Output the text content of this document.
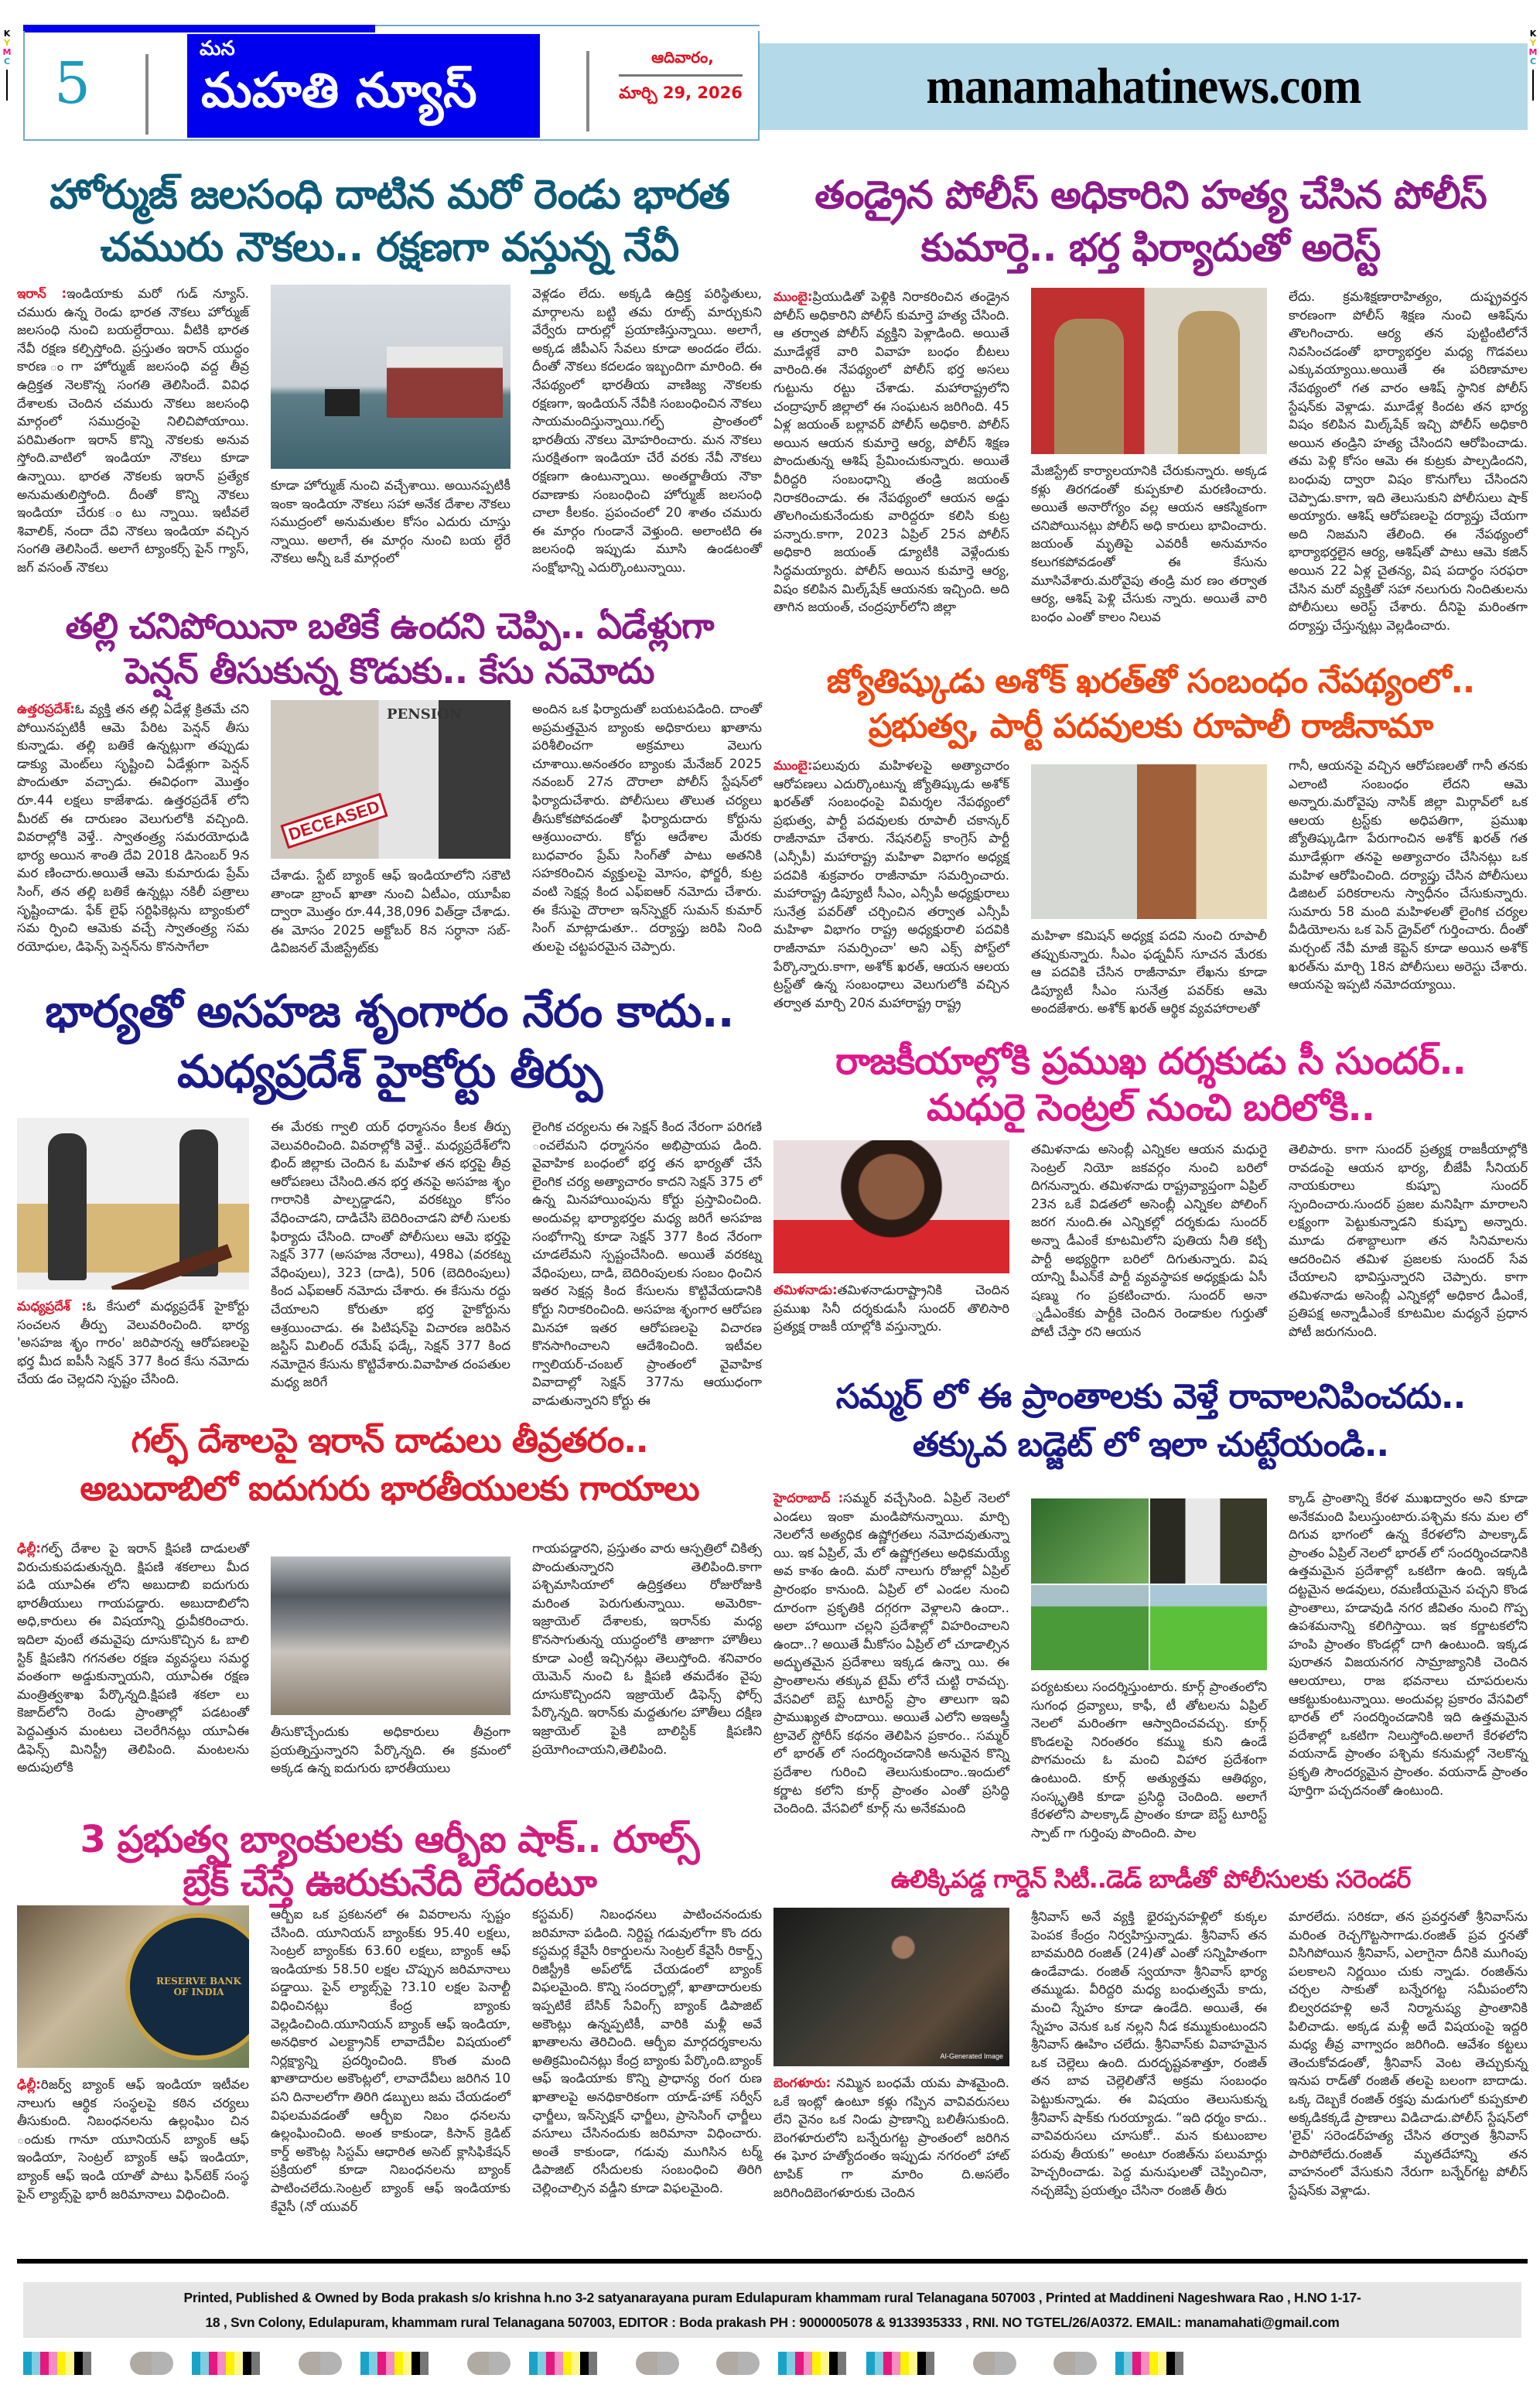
K
Y
M
C
K
Y
M
C
5
మన
మహతి న్యూస్
ఆదివారం,
మార్చి 29, 2026	manamahatinews.com
హోర్ముజ్ జలసంధి దాటిన మరో రెండు భారత
చమురు నౌకలు.. రక్షణగా వస్తున్న నేవీ
ఇరాన్ :ఇండియాకు మరో గుడ్ న్యూస్. చమురు ఉన్న రెండు భారత నౌకలు హోర్ముజ్ జలసంధి నుంచి బయల్దేరాయి. వీటికి భారత నేవీ రక్షణ కల్పిస్తోంది. ప్రస్తుతం ఇరాన్ యుద్ధం కారణ ంగా హోర్ముజ్ జలసంధి వద్ద తీవ్ర ఉద్రిక్తత నెలకొన్న సంగతి తెలిసిందే. వివిధ దేశాలకు చెందిన చమురు నౌకలు జలసంధి మార్గంలో సముద్రంపై నిలిచిపోయాయి. పరిమితంగా ఇరాన్ కొన్ని నౌకలకు అనువ స్తోంది.వాటిలో ఇండియా నౌకలు కూడా ఉన్నాయి. భారత నౌకలకు ఇరాన్ ప్రత్యేక అనుమతులిస్తోంది. దీంతో కొన్ని నౌకలు ఇండియా చేరుక ంటు న్నాయి. ఇటీవలే శివాలిక్, నందా దేవి నౌకలు ఇండియా వచ్చిన సంగతి తెలిసిందే. అలాగే ట్యాంకర్స్ పైన్ గ్యాస్, జగ్ వసంత్ నౌకలు
కూడా హోర్ముజ్ నుంచి వచ్చేశాయి. అయినప్పటికీ ఇంకా ఇండియా నౌకలు సహా అనేక దేశాల నౌకలు సముద్రంలో అనుమతుల కోసం ఎదురు చూస్తు న్నాయి. అలాగే, ఈ మార్గం నుంచి బయ ల్దేరే నౌకలు అన్నీ ఒకే మార్గంలో
వెళ్లడం లేదు. అక్కడి ఉద్రిక్త పరిస్థితులు, మార్గాలను బట్టి తమ రూట్స్ మార్చుకుని వేర్వేరు దారుల్లో ప్రయాణిస్తున్నాయి. అలాగే, అక్కడ జీపీఎస్ సేవలు కూడా అందడం లేదు. దీంతో నౌకలు కదలడం ఇబ్బందిగా మారింది. ఈ నేపథ్యంలో భారతీయ వాణిజ్య నౌకలకు రక్షణగా, ఇండియన్ నేవీకి సంబంధించిన నౌకలు సాయమందిస్తున్నాయి.గల్ఫ్ ప్రాంతంలో భారతీయ నౌకలు మోహరించారు. మన నౌకలు సురక్షితంగా ఇండియా చేరే వరకు నేవీ నౌకలు రక్షణగా ఉంటున్నాయి. అంతర్జాతీయ నౌకా రవాణాకు సంబంధించి హోర్ముజ్ జలసంధి చాలా కీలకం. ప్రపంచంలో 20 శాతం చమురు ఈ మార్గం గుండానే వెళ్తుంది. అలాంటిది ఈ జలసంధి ఇప్పుడు మూసి ఉండటంతో సంక్షోభాన్ని ఎదుర్కొంటున్నాయి.
తల్లి చనిపోయినా బతికే ఉందని చెప్పి.. ఏడేళ్లుగా
పెన్షన్ తీసుకున్న కొడుకు.. కేసు నమోదు
ఉత్తరప్రదేశ్:ఓ వ్యక్తి తన తల్లి ఏడేళ్ల క్రితమే చని పోయినప్పటికీ ఆమె పేరిట పెన్షన్ తీసు కున్నాడు. తల్లి బతికే ఉన్నట్లుగా తప్పుడు డాక్యు మెంట్‌లు సృష్టించి ఏడేళ్లుగా పెన్షన్ పొందుతూ వచ్చాడు. ఈవిధంగా మొత్తం రూ.44 లక్షలు కాజేశాడు. ఉత్తరప్రదేశ్ లోని మీరట్ ఈ దారుణం వెలుగులోకి వచ్చింది. వివరాల్లోకి వెళ్తే.. స్వాతంత్ర్య సమరయోధుడి భార్య అయిన శాంతి దేవి 2018 డిసెంబర్ 9న మర ణించారు.అయితే ఆమె కుమారుడు ప్రేమ్ సింగ్, తన తల్లి బతికే ఉన్నట్లు నకిలీ పత్రాలు సృష్టించాడు. ఫేక్ లైఫ్ సర్టిఫికెట్లను బ్యాంకులో సమ ర్పించి ఆమెకు వచ్చే స్వాతంత్ర్య సమ రయోధుల, డిఫెన్స్ పెన్షన్‌ను కొనసాగేలా
PENSION
DECEASED
చేశాడు. స్టేట్ బ్యాంక్ ఆఫ్ ఇండియాలోని సకౌటి తాండా బ్రాంచ్ ఖాతా నుంచి ఏటీఎం, యూపీఐ ద్వారా మొత్తం రూ.44,38,096 విత్‌డ్రా చేశాడు. ఈ మోసం 2025 అక్టోబర్ 8న సర్ధానా సబ్-డివిజనల్ మేజిస్ట్రేట్‌కు
అందిన ఒక ఫిర్యాదుతో బయటపడింది. దాంతో అప్రమత్తమైన బ్యాంకు అధికారులు ఖాతాను పరిశీలించగా అక్రమాలు వెలుగు చూశాయి.అనంతరం బ్యాంకు మేనేజర్ 2025 నవంబర్ 27న దౌరాలా పోలీస్ స్టేషన్‌లో ఫిర్యాదుచేశారు. పోలీసులు తొలుత చర్యలు తీసుకోకపోవడంతో ఫిర్యాదుదారు కోర్టును ఆశ్రయించారు. కోర్టు ఆదేశాల మేరకు బుధవారం ప్రేమ్ సింగ్‌తో పాటు అతనికి సహకరించిన వ్యక్తులపై మోసం, ఫోర్జరీ, కుట్ర వంటి సెక్షన్ల కింద ఎఫ్ఐఆర్ నమోదు చేశారు. ఈ కేసుపై దౌరాలా ఇన్‌స్పెక్టర్ సుమన్ కుమార్ సింగ్ మాట్లాడుతూ.. దర్యాప్తు జరిపి నింది తులపై చట్టపరమైన చెప్పారు.
భార్యతో అసహజ శృంగారం నేరం కాదు..
మధ్యప్రదేశ్ హైకోర్టు తీర్పు
మధ్యప్రదేశ్ :ఓ కేసులో మధ్యప్రదేశ్ హైకోర్టు సంచలన తీర్పు వెలువరించింది. భార్య 'అసహజ శృం గారం' జరిపారన్న ఆరోపణలపై భర్త మీద ఐపీసీ సెక్షన్ 377 కింద కేసు నమోదు చేయ డం చెల్లదని స్పష్టం చేసింది.
ఈ మేరకు గ్వాలి యర్ ధర్మాసనం కీలక తీర్పు వెలువరించింది. వివరాల్లోకి వెళ్తే.. మధ్యప్రదేశ్‌లోని భింద్ జిల్లాకు చెందిన ఓ మహిళ తన భర్తపై తీవ్ర ఆరోపణలు చేసింది.తన భర్త తనపై అసహజ శృం గారానికి పాల్పడ్డాడని, వరకట్నం కోసం వేధించాడని, దాడిచేసి బెదిరించాడని పోలీ సులకు ఫిర్యాదు చేసింది. దాంతో పోలీసులు ఆమె భర్తపై సెక్షన్ 377 (అసహజ నేరాలు), 498ఎ (వరకట్న వేధింపులు), 323 (దాడి), 506 (బెదిరింపులు) కింద ఎఫ్ఐఆర్ నమోదు చేశారు. ఈ కేసును రద్దు చేయాలని కోరుతూ భర్త హైకోర్టును ఆశ్రయించాడు. ఈ పిటిషన్‌పై విచారణ జరిపిన జస్టిస్ మిలింద్ రమేష్ ఫడ్కే, సెక్షన్ 377 కింద నమోదైన కేసును కొట్టివేశారు.వివాహిత దంపతుల మధ్య జరిగే
లైంగిక చర్యలను ఈ సెక్షన్ కింద నేరంగా పరిగణి ంచలేమని ధర్మాసనం అభిప్రాయప డింది. వైవాహిక బంధంలో భర్త తన భార్యతో చేసే లైంగిక చర్య అత్యాచారం కాదని సెక్షన్ 375 లో ఉన్న మినహాయింపును కోర్టు ప్రస్తావించింది. అందువల్ల భార్యాభర్తల మధ్య జరిగే అసహజ సంభోగాన్ని కూడా సెక్షన్ 377 కింద నేరంగా చూడలేమని స్పష్టంచేసింది. అయితే వరకట్న వేధింపులు, దాడి, బెదిరింపులకు సంబం ధించిన ఇతర సెక్షన్ల కింద కేసులను కొట్టివేయడానికి కోర్టు నిరాకరించింది. అసహజ శృంగార ఆరోపణ మినహా ఇతర ఆరోపణలపై విచారణ కొనసాగించాలని ఆదేశించింది. ఇటీవల గ్వాలియర్-చంబల్ ప్రాంతంలో వైవాహిక వివాదాల్లో సెక్షన్ 377ను ఆయుధంగా వాడుతున్నారని కోర్టు ఈ
గల్ఫ్ దేశాలపై ఇరాన్ దాడులు తీవ్రతరం..
అబుదాబిలో ఐదుగురు భారతీయులకు గాయాలు
ఢిల్లీ:గల్ఫ్ దేశాల పై ఇరాన్ క్షిపణి దాడులతో విరుచుకుపడుతున్నది. క్షిపణి శకలాలు మీద పడి యూఏఈ లోని అబుదాబి ఐదుగురు భారతీయులు గాయపడ్డారు. అబుదాబిలోని అధి,కారులు ఈ విషయాన్ని ధ్రువీకరించారు. ఇదిలా వుంటే తమవైపు దూసుకొచ్చిన ఓ బాలి స్టిక్ క్షిపణిని గగనతల రక్షణ వ్యవస్థలు సమర్థ వంతంగా అడ్డుకున్నాయని, యూఏఈ రక్షణ మంత్రిత్వశాఖ పేర్కొన్నది.క్షిపణి శకలా లు కెజాద్‌లోని రెండు ప్రాంతాల్లో పడటంతో పెద్దఎత్తున మంటలు చెలరేగినట్లు యూఏఈ డిఫెన్స్ మినిస్ట్రీ తెలిపింది. మంటలను అదుపులోకి
తీసుకొచ్చేందుకు అధికారులు తీవ్రంగా ప్రయత్నిస్తున్నారని పేర్కొన్నది. ఈ క్రమంలో అక్కడ ఉన్న ఐదుగురు భారతీయులు
గాయపడ్డారని, ప్రస్తుతం వారు ఆస్పత్రిలో చికిత్స పొందుతున్నారని తెలిపింది.కాగా పశ్చిమాసియాలో ఉద్రిక్తతలు రోజురోజుకి మరింత పెరుగుతున్నాయి. అమెరికా- ఇజ్రాయెల్ దేశాలకు, ఇరాన్‌కు మధ్య కొనసాగుతున్న యుద్ధంలోకి తాజాగా హౌతీలు కూడా ఎంట్రీ ఇచ్చినట్లు తెలుస్తోంది. శనివారం యెమెన్ నుంచి ఓ క్షిపణి తమదేశం వైపు దూసుకొచ్చిందని ఇజ్రాయెల్ డిఫెన్స్ ఫోర్స్ పేర్కొన్నది. ఇరాన్‌కు మద్దతుగల హౌతీలు దక్షిణ ఇజ్రాయెల్ పైకి బాలిస్టిక్ క్షిపణిని ప్రయోగించాయని,తెలిపింది.
3 ప్రభుత్వ బ్యాంకులకు ఆర్బీఐ షాక్.. రూల్స్
బ్రేక్ చేస్తే ఊరుకునేది లేదంటూ
RESERVE BANK OF INDIA
ఢిల్లీ:రిజర్వ్ బ్యాంక్ ఆఫ్ ఇండియా ఇటీవల నాలుగు ఆర్థిక సంస్థలపై కఠిన చర్యలు తీసుకుంది. నిబంధనలను ఉల్లంఘిం చిన ందుకు గానూ యూనియన్ బ్యాంక్ ఆఫ్ ఇండియా, సెంట్రల్ బ్యాంక్ ఆఫ్ ఇండియా, బ్యాంక్ ఆఫ్ ఇండి యాతో పాటు ఫిన్‌టెక్ సంస్థ పైన్ ల్యాబ్స్‌పై భారీ జరిమానాలు విధించింది.
ఆర్బీఐ ఒక ప్రకటనలో ఈ వివరాలను స్పష్టం చేసింది. యూనియన్ బ్యాంక్‌కు 95.40 లక్షలు, సెంట్రల్ బ్యాంక్‌కు 63.60 లక్షలు, బ్యాంక్ ఆఫ్ ఇండియాకు 58.50 లక్షల చొప్పున జరిమానాలు పడ్డాయి. పైన్ ల్యాబ్స్‌పై ?3.10 లక్షల పెనాల్టీ విధించినట్లు కేంద్ర బ్యాంకు వెల్లడించింది.యూనియన్ బ్యాంక్ ఆఫ్ ఇండియా, అనధికార ఎలక్ట్రానిక్ లావాదేవీల విషయంలో నిర్లక్ష్యాన్ని ప్రదర్శించింది. కొంత మంది ఖాతాదారుల అకౌంట్లలో, లావాదేవీలు జరిగిన 10 పని దినాలలోగా తిరిగి డబ్బులు జమ చేయడంలో విఫలమవడంతో ఆర్బీఐ నిబం ధనలను ఉల్లంఘించింది. అంత కాకుండా, కిసాన్ క్రెడిట్ కార్డ్ అకౌంట్ల సిస్టమ్ ఆధారిత అసెట్ క్లాసిఫికేషన్ ప్రక్రియలో కూడా నిబంధనలను బ్యాంక్ పాటించలేదు.సెంట్రల్ బ్యాంక్ ఆఫ్ ఇండియాకు కేవైసీ (నో యువర్
కస్టమర్) నిబంధనలు పాటించనందుకు జరిమానా పడింది. నిర్దిష్ట గడువులోగా కొం దరు కస్టమర్ల కేవైసీ రికార్డులను సెంట్రల్ కేవైసీ రికార్డ్స్ రిజిస్ట్రీకి అప్‌లోడ్ చేయడంలో బ్యాంక్ విఫలమైంది. కొన్ని సందర్భాల్లో, ఖాతాదారులకు ఇప్పటికే బేసిక్ సేవింగ్స్ బ్యాంక్ డిపాజిట్ అకౌంట్లు ఉన్నప్పటికీ, వారికి మళ్లీ అవే ఖాతాలను తెరిచింది. ఆర్బీఐ మార్గదర్శకాలను అతిక్రమించినట్లు కేంద్ర బ్యాంకు పేర్కొంది.బ్యాంక్ ఆఫ్ ఇండియాకు కొన్ని ప్రాధాన్య రంగ రుణ ఖాతాలపై అనధికారికంగా యాడ్-హాక్ సర్వీస్ ఛార్జీలు, ఇన్‌స్పెక్షన్ ఛార్జీలు, ప్రాసెసింగ్ ఛార్జీలు వసూలు చేసినందుకు జరిమానా విధించారు. అంతే కాకుండా, గడువు ముగిసిన టర్మ్ డిపాజిట్ రసీదులకు సంబంధించి తిరిగి చెల్లించాల్సిన వడ్డీని కూడా విఫలమైంది.
తండ్రైన పోలీస్ అధికారిని హత్య చేసిన పోలీస్
కుమార్తె.. భర్త ఫిర్యాదుతో అరెస్ట్
ముంబై:ప్రియుడితో పెళ్లికి నిరాకరించిన తండ్రైన పోలీస్ అధికారిని పోలీస్ కుమార్తె హత్య చేసింది. ఆ తర్వాత పోలీస్ వ్యక్తిని పెళ్లాడింది. అయితే మూడేళ్లకే వారి వివాహ బంధం బీటలు వారింది.ఈ నేపథ్యంలో పోలీస్ భర్త అసలు గుట్టును రట్టు చేశాడు. మహారాష్ట్రలోని చంద్రాపూర్ జిల్లాలో ఈ సంఘటన జరిగింది. 45 ఏళ్ల జయంత్ బల్లావర్ పోలీస్ అధికారి. పోలీస్ అయిన ఆయన కుమార్తె ఆర్య, పోలీస్ శిక్షణ పొందుతున్న ఆశిష్ ప్రేమించుకున్నారు. అయితే వీరిద్దరి సంబంధాన్ని తండ్రి జయంత్ నిరాకరించాడు. ఈ నేపథ్యంలో ఆయన అడ్డు తొలగించుకునేందుకు వారిద్దరూ కలిసి కుట్ర పన్నారు.కాగా, 2023 ఏప్రిల్ 25న పోలీస్ అధికారి జయంత్ డ్యూటీకి వెళ్లేందుకు సిద్ధమయ్యారు. పోలీస్ అయిన కుమార్తె ఆర్య, విషం కలిపిన మిల్క్‌షేక్ ఆయనకు ఇచ్చింది. అది తాగిన జయంత్, చంద్రపూర్‌లోని జిల్లా
మేజిస్ట్రేట్ కార్యాలయానికి చేరుకున్నారు. అక్కడ కళ్లు తిరగడంతో కుప్పకూలి మరణించారు. అయితే అనారోగ్యం వల్ల ఆయన ఆకస్మికంగా చనిపోయినట్లు పోలీస్ అధి కారులు భావించారు. జయంత్ మృతిపై ఎవరికీ అనుమానం కలుగకపోవడంతో ఈ కేసును మూసివేశారు.మరోవైపు తండ్రి మర ణం తర్వాత ఆర్య, ఆశిష్ పెళ్లి చేసుకు న్నారు. అయితే వారి బంధం ఎంతో కాలం నిలువ
లేదు. క్రమశిక్షణారాహిత్యం, దుష్ప్రవర్తన కారణంగా పోలీస్ శిక్షణ నుంచి ఆశిష్‌ను తొలగించారు. ఆర్య తన పుట్టింటిలోనే నివసించడంతో భార్యాభర్తల మధ్య గొడవలు ఎక్కువయ్యాయి.అయితే ఈ పరిణామాల నేపథ్యంలో గత వారం ఆశిష్ స్థానిక పోలీస్ స్టేషన్‌కు వెళ్లాడు. మూడేళ్ల కిందట తన భార్య విషం కలిపిన మిల్క్‌షేక్ ఇచ్చి పోలీస్ అధికారి అయిన తండ్రిని హత్య చేసిందని ఆరోపించాడు. తమ పెళ్లి కోసం ఆమె ఈ కుట్రకు పాల్పడిందని, బంధువు ద్వారా విషం కొనుగోలు చేసిందని చెప్పాడు.కాగా, ఇది తెలుసుకుని పోలీసులు షాక్ అయ్యారు. ఆశిష్ ఆరోపణలపై దర్యాప్తు చేయగా అది నిజమని తేలింది. ఈ నేపథ్యంలో భార్యాభర్తలైన ఆర్య, ఆశిష్‌తో పాటు ఆమె కజిన్ అయిన 22 ఏళ్ల చైతన్య, విష పదార్థం సరఫరా చేసిన మరో వ్యక్తితో సహా నలుగురు నిందితులను పోలీసులు అరెస్ట్ చేశారు. దీనిపై మరింతగా దర్యాప్తు చేస్తున్నట్లు వెల్లడించారు.
జ్యోతిష్కుడు అశోక్ ఖరత్‌తో సంబంధం నేపథ్యంలో..
ప్రభుత్వ, పార్టీ పదవులకు రూపాలీ రాజీనామా
ముంబై:పలువురు మహిళలపై అత్యాచారం ఆరోపణలు ఎదుర్కొంటున్న జ్యోతిష్కుడు అశోక్ ఖరత్‌తో సంబంధంపై విమర్శల నేపథ్యంలో ప్రభుత్వ, పార్టీ పదవులకు రూపాలీ చకాన్కర్ రాజీనామా చేశారు. నేషనలిస్ట్ కాంగ్రెస్ పార్టీ (ఎన్సీపీ) మహారాష్ట్ర మహిళా విభాగం అధ్యక్ష పదవికి శుక్రవారం రాజీనామా సమర్పించారు. మహారాష్ట్ర డిప్యూటీ సీఎం, ఎన్సీపీ అధ్యక్షురాలు సునేత్ర పవర్‌తో చర్చించిన తర్వాత ఎన్సీపీ మహిళా విభాగం రాష్ట్ర అధ్యక్షురాలి పదవికి రాజీనామా సమర్పించా' అని ఎక్స్ పోస్ట్‌లో పేర్కొన్నారు.కాగా, అశోక్ ఖరత్, ఆయన ఆలయ ట్రస్ట్‌తో ఉన్న సంబంధాలు వెలుగులోకి వచ్చిన తర్వాత మార్చి 20న మహారాష్ట్ర రాష్ట్ర
మహిళా కమిషన్ అధ్యక్ష పదవి నుంచి రూపాలీ తప్పుకున్నారు. సీఎం ఫడ్నవీస్ సూచన మేరకు ఆ పదవికి చేసిన రాజీనామా లేఖను కూడా డిప్యూటీ సీఎం సునేత్ర పవర్‌కు ఆమె అందజేశారు. అశోక్ ఖరత్ ఆర్థిక వ్యవహారాలతో
గానీ, ఆయనపై వచ్చిన ఆరోపణలతో గానీ తనకు ఎలాంటి సంబంధం లేదని ఆమె అన్నారు.మరోవైపు నాసిక్ జిల్లా మిర్గావ్‌లో ఒక ఆలయ ట్రస్ట్‌కు అధిపతిగా, ప్రముఖ జ్యోతిష్కుడిగా పేరుగాంచిన అశోక్ ఖరత్ గత మూడేళ్లుగా తనపై అత్యాచారం చేసినట్లు ఒక మహిళ ఆరోపించింది. దర్యాప్తు చేసిన పోలీసులు డిజిటల్ పరికరాలను స్వాధీనం చేసుకున్నారు. సుమారు 58 మంది మహిళలతో లైంగిక చర్యల వీడియోలను ఒక పెన్ డ్రైవ్‌లో గుర్తించారు. దీంతో మర్చంట్ నేవీ మాజీ కెప్టెన్ కూడా అయిన అశోక్ ఖరత్‌ను మార్చి 18న పోలీసులు అరెస్టు చేశారు. ఆయనపై ఇప్పటి నమోదయ్యాయి.
రాజకీయాల్లోకి ప్రముఖ దర్శకుడు సీ సుందర్..
మధురై సెంట్రల్ నుంచి బరిలోకి..
తమిళనాడు:తమిళనాడురాష్ట్రానికి చెందిన ప్రముఖ సినీ దర్శకుడుసీ సుందర్ తొలిసారి ప్రత్యక్ష రాజకీ యాల్లోకి వస్తున్నారు.
తమిళనాడు అసెంబ్లీ ఎన్నికల ఆయన మధురై సెంట్రల్ నియో జకవర్గం నుంచి బరిలో దిగనున్నారు. తమిళనాడు రాష్ట్రవ్యాప్తంగా ఏప్రిల్ 23న ఒకే విడతలో అసెంబ్లీ ఎన్నికల పోలింగ్ జరగ నుంది.ఈ ఎన్నికల్లో దర్శకుడు సుందర్ అన్నా డీఎంకే కూటమిలోని పుతియ నీతి కట్చి పార్టీ అభ్యర్థిగా బరిలో దిగుతున్నారు. విష యాన్ని పీఎన్‌కే పార్టీ వ్యవస్థాపక అధ్యక్షుడు ఏసీ షణ్ము గం ప్రకటించారు. సుందర్ అనా ్నడీఎంకేకు పార్టీకి చెందిన రెండాకుల గుర్తుతో పోటీ చేస్తా రని ఆయన
తెలిపారు. కాగా సుందర్ ప్రత్యక్ష రాజకీయాల్లోకి రావడంపై ఆయన భార్య, బీజేపీ సీనియర్ నాయకురాలు కుష్బూ సుందర్ స్పందించారు.సుందర్ ప్రజల మనిషిగా మారాలని లక్ష్యంగా పెట్టుకున్నాడని కుష్బూ అన్నారు. మూడు దశాబ్దాలుగా తన సినిమాలను ఆదరించిన తమిళ ప్రజలకు సుందర్ సేవ చేయాలని భావిస్తున్నారని చెప్పారు. కాగా తమిళనాడు అసెంబ్లీ ఎన్నికల్లో అధికార డీఎంకే, ప్రతిపక్ష అన్నాడీఎంకే కూటమిల మధ్యనే ప్రధాన పోటీ జరుగనుంది.
సమ్మర్ లో ఈ ప్రాంతాలకు వెళ్తే రావాలనిపించదు..
తక్కువ బడ్జెట్ లో ఇలా చుట్టేయండి..
హైదరాబాద్ :సమ్మర్ వచ్చేసింది. ఏప్రిల్ నెలలో ఎండలు ఇంకా మండిపోనున్నాయి. మార్చి నెలలోనే అత్యధిక ఉష్ణోగ్రతలు నమోదవుతున్నా యి. ఇక ఏప్రిల్, మే లో ఉష్ణోగ్రతలు అధికమయ్యే అవ కాశం ఉంది. మరో నాలుగు రోజుల్లో ఏప్రిల్ ప్రారంభం కానుంది. ఏప్రిల్ లో ఎండల నుంచి దూరంగా ప్రకృతికి దగ్గరగా వెళ్లాలని ఉందా.. అలా హాయిగా చల్లని ప్రదేశాల్లో విహరించాలని ఉందా..? అయితే మీకోసం ఏప్రిల్ లో చూడాల్సిన అద్భుతమైన ప్రదేశాలు ఇక్కడ ఉన్నా యి. ఈ ప్రాంతాలను తక్కువ టైమ్ లోనే చుట్టి రావచ్చు. వేసవిలో బెస్ట్ టూరిస్ట్ ప్రాం తాలుగా ఇవి ప్రాముఖ్యత పొందాయి. అయితే ఎలోని అఇఅస్త్రీ ట్రావెల్ స్టోరీస్ కథనం తెలిపిన ప్రకారం.. సమ్మర్ లో భారత్ లో సందర్శించడానికి అనువైన కొన్ని ప్రదేశాల గురించి తెలుసుకుందాం..ఇందులో కర్ణాట కలోని కూర్గ్ ప్రాంతం ఎంతో ప్రసిద్ధి చెందింది. వేసవిలో కూర్గ్ ను అనేకమంది
పర్యటకులు సందర్శిస్తుంటారు. కూర్గ్ ప్రాంతంలోని సుగంధ ద్రవ్యాలు, కాఫీ, టీ తోటలను ఏప్రిల్ నెలలో మరింతగా ఆస్వాదించవచ్చు. కూర్గ్ కొండలపై నిరంతరం కమ్ము కుని ఉండే పొగమంచు ఓ మంచి విహార ప్రదేశంగా ఉంటుంది. కూర్గ్ అత్యుత్తమ ఆతిథ్యం, సంస్కృతికి కూడా ప్రసిద్ధి చెందింది. అలాగే కేరళలోని పాలక్కాడ్ ప్రాంతం కూడా బెస్ట్ టూరిస్ట్ స్పాట్ గా గుర్తింపు పొందింది. పాల
క్కాడ్ ప్రాంతాన్ని కేరళ ముఖద్వారం అని కూడా అనేకమంది పిలుస్తుంటారు.పశ్చిమ కను మల లో దిగువ భాగంలో ఉన్న కేరళలోని పాలక్కాడ్ ప్రాంతం ఏప్రిల్ నెలలో భారత్ లో సందర్శించడానికి ఉత్తమమైన ప్రదేశాల్లో ఒకటిగా ఉంది. ఇక్కడి దట్టమైన అడవులు, రమణీయమైన పచ్చని కొండ ప్రాంతాలు, హడావుడి నగర జీవితం నుంచి గొప్ప ఉపశమనాన్ని కలిగిస్తాయి. ఇక కర్ణాటకలోని హంపి ప్రాంతం కొండల్లో దాగి ఉంటుంది. ఇక్కడ పురాతన విజయనగర సామ్రాజ్యానికి చెందిన ఆలయాలు, రాజ భవనాలు చూపరులను ఆకట్టుకుంటున్నాయి. అందువల్ల ప్రకారం వేసవిలో భారత్ లో సందర్శించడానికి ఇది ఉత్తమమైన ప్రదేశాల్లో ఒకటిగా నిలుస్తోంది.అలాగే కేరళలోని వయనాడ్ ప్రాంతం పశ్చిమ కనుమల్లో నెలకొన్న ప్రకృతి సౌందర్యమైన ప్రాంతం. వయనాడ్ ప్రాంతం పూర్తిగా పచ్చదనంతో ఉంటుంది.
ఉలిక్కిపడ్డ గార్డెన్ సిటీ..డెడ్ బాడీతో పోలీసులకు సరెండర్
AI-Generated Image
బెంగళూరు: నమ్మిన బంధమే యమ పాశమైంది. ఒకే ఇంట్లో ఉంటూ కళ్లు గప్పిన వావివరుసలు లేని వైనం ఒక నిండు ప్రాణాన్ని బలితీసుకుంది. బెంగళూరులోని బన్నేరుగట్ట ప్రాంతంలో జరిగిన ఈ ఘోర హత్యోదంతం ఇప్పుడు నగరంలో హాట్ టాపిక్ గా మారిం ది.అసలేం జరిగిందిబెంగళూరుకు చెందిన
శ్రీనివాస్ అనే వ్యక్తి భైరప్పనహళ్లిలో కుక్కల పెంపక కేంద్రం నిర్వహిస్తున్నాడు. శ్రీనివాస్ తన బావమరిది రంజిత్ (24)తో ఎంతో సన్నిహితంగా ఉండేవాడు. రంజిత్ స్వయానా శ్రీనివాస్ భార్య తమ్ముడు. వీరిద్దరి మధ్య బంధుత్వమే కాదు, మంచి స్నేహం కూడా ఉండేది. అయితే, ఈ స్నేహం వెనుక ఒక నల్లని నీడ కమ్ముకుంటుందని శ్రీనివాస్ ఊహిం చలేదు. శ్రీనివాస్‌కు వివాహమైన ఒక చెల్లెలు ఉంది. దురదృష్టవశాత్తూ, రంజిత్ తన బావ చెల్లెలితోనే అక్రమ సంబంధం పెట్టుకున్నాడు. ఈ విషయం తెలుసుకున్న శ్రీనివాస్ షాక్‌కు గురయ్యాడు. “ఇది ధర్మం కాదు.. వావివరుసలు చూసుకో.. మన కుటుంబాల పరువు తీయకు” అంటూ రంజిత్‌ను పలుమార్లు హెచ్చరించాడు. పెద్ద మనుషులతో చెప్పించినా, నచ్చజెప్పే ప్రయత్నం చేసినా రంజిత్ తీరు
మారలేదు. సరికదా, తన ప్రవర్తనతో శ్రీనివాస్‌ను మరింత రెచ్చగొట్టసాగాడు.రంజిత్ ప్రవ ర్తనతో విసిగిపోయిన శ్రీనివాస్, ఎలాగైనా దీనికి ముగింపు పలకాలని నిర్ణయిం చుకు న్నాడు. రంజిత్‌ను చర్చల సాకుతో బన్నేరగట్ట సమీపంలోని బిల్వరదహళ్లి అనే నిర్మానుష్య ప్రాంతానికి పిలిచాడు. అక్కడ మళ్లీ అదే విషయంపై ఇద్దరి మధ్య తీవ్ర వాగ్వాదం జరిగింది. ఆవేశం కట్టలు తెంచుకోవడంతో, శ్రీనివాస్ వెంట తెచ్చుకున్న ఇనుప రాడ్‌తో రంజిత్ తలపై బలంగా బాదాడు. ఒక్క దెబ్బకే రంజిత్ రక్తపు మడుగులో కుప్పకూలి అక్కడికక్కడే ప్రాణాలు విడిచాడు.పోలీస్ స్టేషన్‌లో 'లైవ్' సరెండర్‌హత్య చేసిన తర్వాత శ్రీనివాస్ పారిపోలేదు.రంజిత్ మృతదేహాన్ని తన వాహనంలో వేసుకుని నేరుగా బన్నేర్‌గట్ట పోలీస్ స్టేషన్‌కు వెళ్లాడు.
Printed, Published & Owned by Boda prakash s/o krishna h.no 3-2 satyanarayana puram Edulapuram khammam rural Telanagana 507003 , Printed at Maddineni Nageshwara Rao , H.NO 1-17-
18 , Svn Colony, Edulapuram, khammam rural Telanagana 507003, EDITOR : Boda prakash PH : 9000005078 & 9133935333 , RNI. NO TGTEL/26/A0372. EMAIL: manamahati@gmail.com
